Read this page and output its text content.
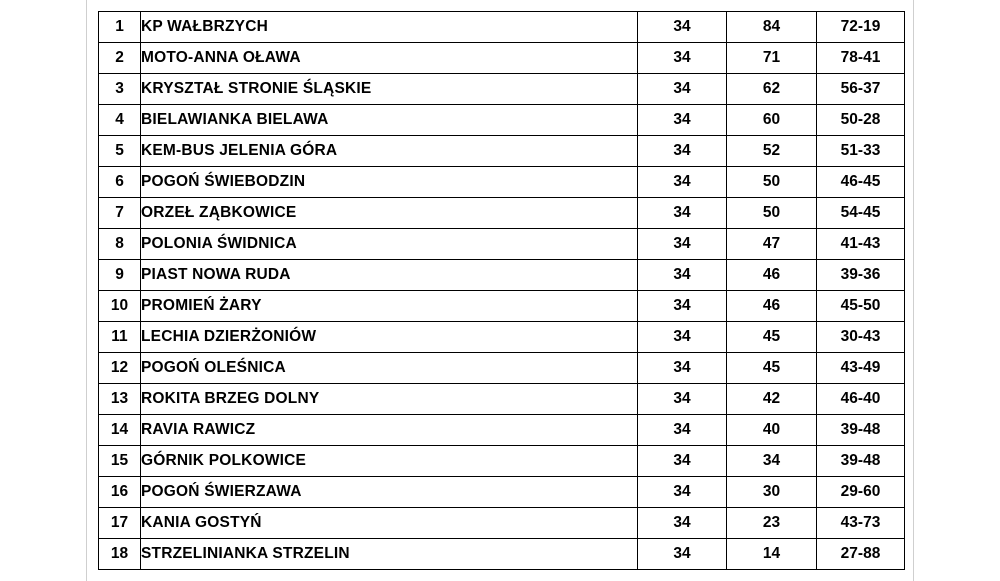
1	KP WAŁBRZYCH	34	84	72-19
2	MOTO-ANNA OŁAWA	34	71	78-41
3	KRYSZTAŁ STRONIE ŚLĄSKIE	34	62	56-37
4	BIELAWIANKA BIELAWA	34	60	50-28
5	KEM-BUS JELENIA GÓRA	34	52	51-33
6	POGOŃ ŚWIEBODZIN	34	50	46-45
7	ORZEŁ ZĄBKOWICE	34	50	54-45
8	POLONIA ŚWIDNICA	34	47	41-43
9	PIAST NOWA RUDA	34	46	39-36
10	PROMIEŃ ŻARY	34	46	45-50
11	LECHIA DZIERŻONIÓW	34	45	30-43
12	POGOŃ OLEŚNICA	34	45	43-49
13	ROKITA BRZEG DOLNY	34	42	46-40
14	RAVIA RAWICZ	34	40	39-48
15	GÓRNIK POLKOWICE	34	34	39-48
16	POGOŃ ŚWIERZAWA	34	30	29-60
17	KANIA GOSTYŃ	34	23	43-73
18	STRZELINIANKA STRZELIN	34	14	27-88
